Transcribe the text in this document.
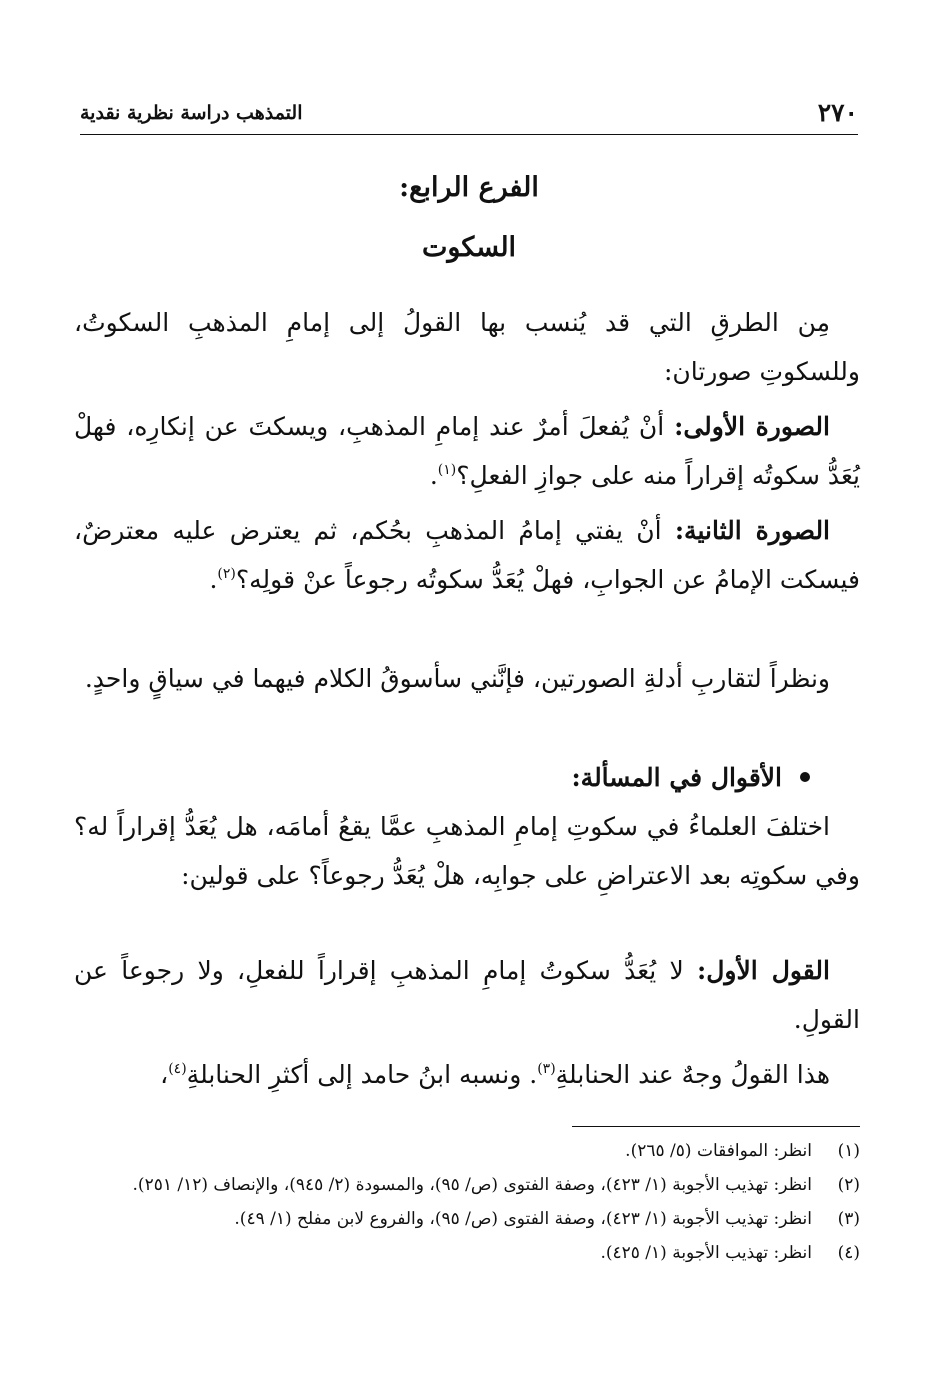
٢٧٠
التمذهب دراسة نظرية نقدية
الفرع الرابع:
السكوت

مِن الطرقِ التي قد يُنسب بها القولُ إلى إمامِ المذهبِ السكوتُ، وللسكوتِ صورتان:

الصورة الأولى: أنْ يُفعلَ أمرٌ عند إمامِ المذهبِ، ويسكتَ عن إنكارِه، فهلْ يُعَدُّ سكوتُه إقراراً منه على جوازِ الفعلِ؟$^{(١)}$.

الصورة الثانية: أنْ يفتي إمامُ المذهبِ بحُكم، ثم يعترض عليه معترضٌ، فيسكت الإمامُ عن الجوابِ، فهلْ يُعَدُّ سكوتُه رجوعاً عنْ قولِه؟$^{(٢)}$.

ونظراً لتقاربِ أدلةِ الصورتين، فإنَّني سأسوقُ الكلام فيهما في سياقٍ واحدٍ.

الأقوال في المسألة:

اختلفَ العلماءُ في سكوتِ إمامِ المذهبِ عمَّا يقعُ أمامَه، هل يُعَدُّ إقراراً له؟ وفي سكوتِه بعد الاعتراضِ على جوابِه، هلْ يُعَدُّ رجوعاً؟ على قولين:

القول الأول: لا يُعَدُّ سكوتُ إمامِ المذهبِ إقراراً للفعلِ، ولا رجوعاً عن القولِ.

هذا القولُ وجهٌ عند الحنابلةِ$^{(٣)}$. ونسبه ابنُ حامد إلى أكثرِ الحنابلةِ$^{(٤)}$،

(١)
انظر: الموافقات (٥/ ٢٦٥).
(٢)
انظر: تهذيب الأجوبة (١/ ٤٢٣)، وصفة الفتوى (ص/ ٩٥)، والمسودة (٢/ ٩٤٥)، والإنصاف (١٢/ ٢٥١).
(٣)
انظر: تهذيب الأجوبة (١/ ٤٢٣)، وصفة الفتوى (ص/ ٩٥)، والفروع لابن مفلح (١/ ٤٩).
(٤)
انظر: تهذيب الأجوبة (١/ ٤٢٥).
